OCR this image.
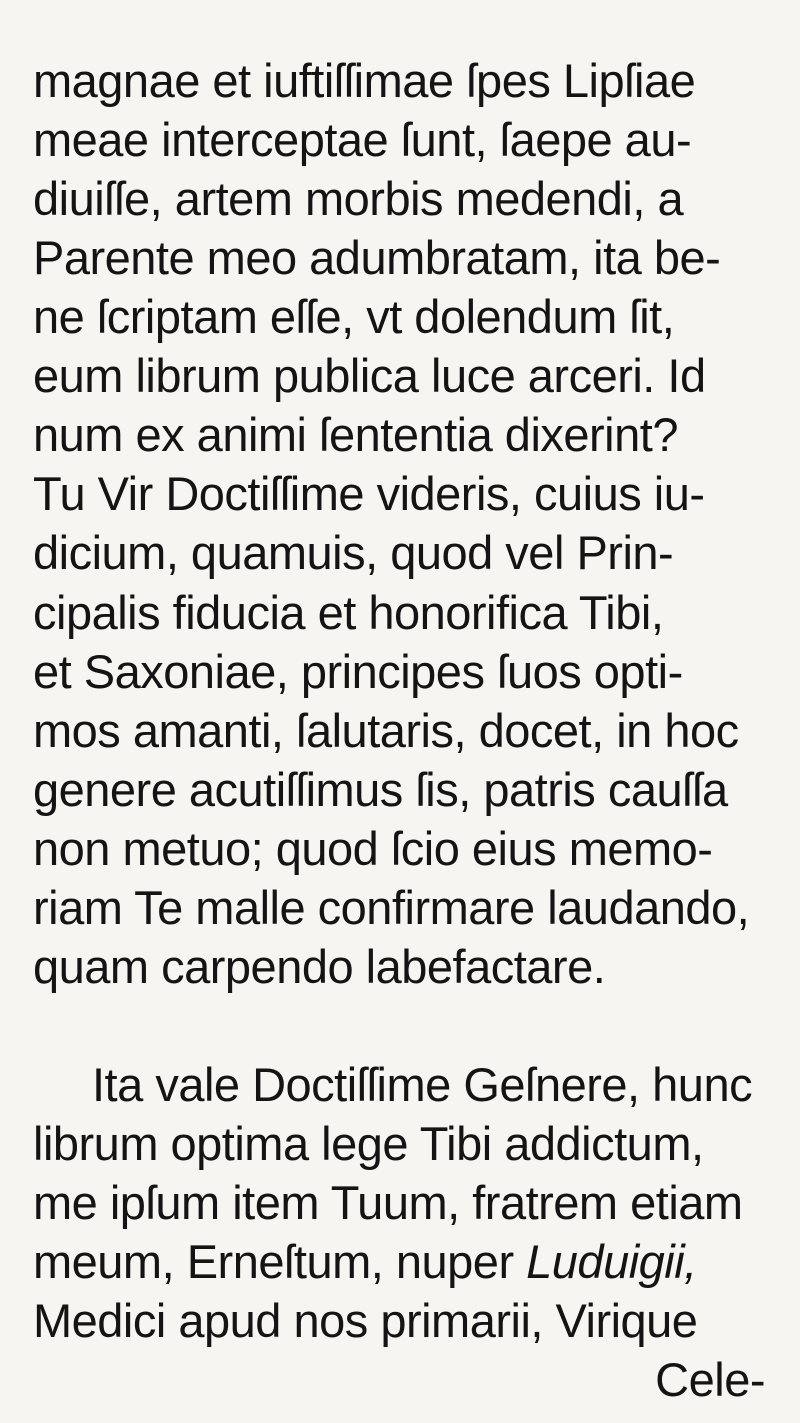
magnae et iuftiſſimae ſpes Lipſiae
meae interceptae ſunt, ſaepe au-
diuiſſe, artem morbis medendi, a
Parente meo adumbratam, ita be-
ne ſcriptam eſſe, vt dolendum ſit,
eum librum publica luce arceri. Id
num ex animi ſententia dixerint?
Tu Vir Doctiſſime videris, cuius iu-
dicium, quamuis, quod vel Prin-
cipalis fiducia et honorifica Tibi,
et Saxoniae, principes ſuos opti-
mos amanti, ſalutaris, docet, in hoc
genere acutiſſimus ſis, patris cauſſa
non metuo; quod ſcio eius memo-
riam Te malle confirmare laudando,
quam carpendo labefactare.
Ita vale Doctiſſime Geſnere, hunc
librum optima lege Tibi addictum,
me ipſum item Tuum, fratrem etiam
meum, Erneſtum, nuper Luduigii,
Medici apud nos primarii, Virique
Cele-
